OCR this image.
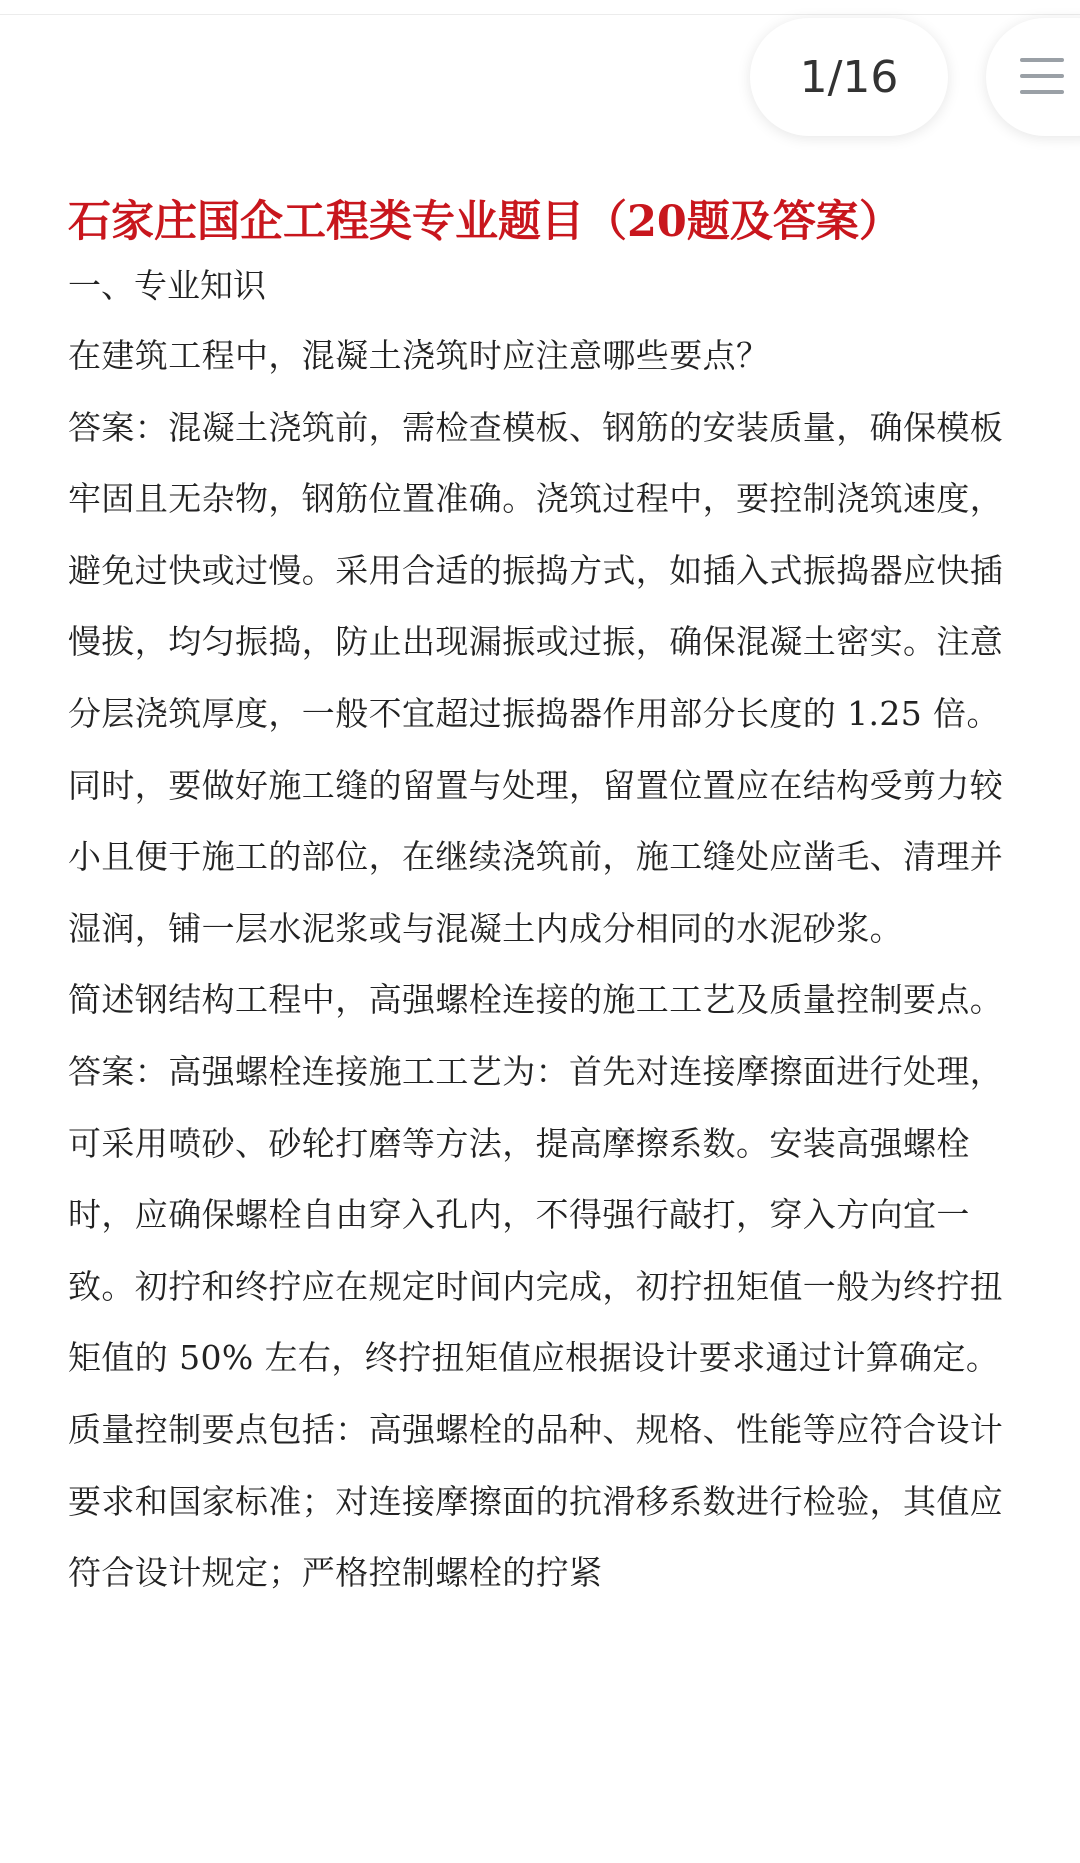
1/16
石家庄国企工程类专业题目（20题及答案）
一、专业知识

在建筑工程中，混凝土浇筑时应注意哪些要点？

答案：混凝土浇筑前，需检查模板、钢筋的安装质量，确保模板牢固且无杂物，钢筋位置准确。浇筑过程中，要控制浇筑速度，避免过快或过慢。采用合适的振捣方式，如插入式振捣器应快插慢拔，均匀振捣，防止出现漏振或过振，确保混凝土密实。注意分层浇筑厚度，一般不宜超过振捣器作用部分长度的 1.25 倍。同时，要做好施工缝的留置与处理，留置位置应在结构受剪力较小且便于施工的部位，在继续浇筑前，施工缝处应凿毛、清理并湿润，铺一层水泥浆或与混凝土内成分相同的水泥砂浆。

简述钢结构工程中，高强螺栓连接的施工工艺及质量控制要点。

答案：高强螺栓连接施工工艺为：首先对连接摩擦面进行处理，可采用喷砂、砂轮打磨等方法，提高摩擦系数。安装高强螺栓时，应确保螺栓自由穿入孔内，不得强行敲打，穿入方向宜一致。初拧和终拧应在规定时间内完成，初拧扭矩值一般为终拧扭矩值的 50% 左右，终拧扭矩值应根据设计要求通过计算确定。质量控制要点包括：高强螺栓的品种、规格、性能等应符合设计要求和国家标准；对连接摩擦面的抗滑移系数进行检验，其值应符合设计规定；严格控制螺栓的拧紧
